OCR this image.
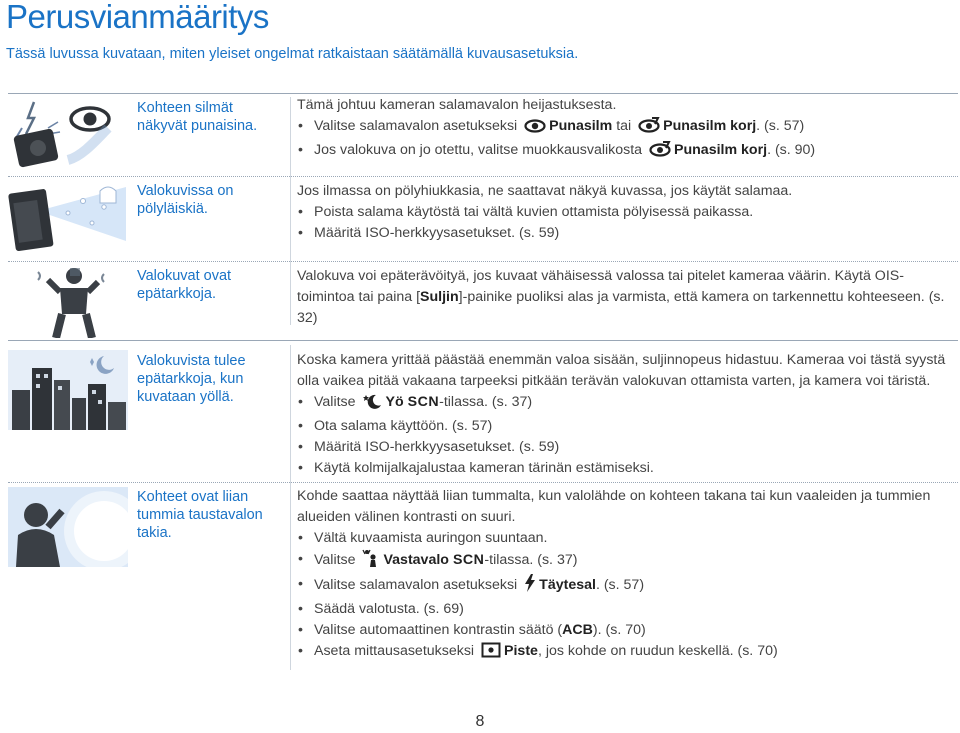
Perusvianmääritys
Tässä luvussa kuvataan, miten yleiset ongelmat ratkaistaan säätämällä kuvausasetuksia.
Kohteen silmät näkyvät punaisina.

Tämä johtuu kameran salamavalon heijastuksesta.

• Valitse salamavalon asetukseksi Punasilm tai Punasilm korj. (s. 57)
• Jos valokuva on jo otettu, valitse muokkausvalikosta Punasilm korj. (s. 90)
Valokuvissa on pölyläiskiä.

Jos ilmassa on pölyhiukkasia, ne saattavat näkyä kuvassa, jos käytät salamaa.

• Poista salama käytöstä tai vältä kuvien ottamista pölyisessä paikassa.
• Määritä ISO-herkkyysasetukset. (s. 59)
Valokuvat ovat epätarkkoja.

Valokuva voi epäterävöityä, jos kuvaat vähäisessä valossa tai pitelet kameraa väärin. Käytä OIS-toimintoa tai paina [Suljin]-painike puoliksi alas ja varmista, että kamera on tarkennettu kohteeseen. (s. 32)

Valokuvista tulee epätarkkoja, kun kuvataan yöllä.

Koska kamera yrittää päästää enemmän valoa sisään, suljinnopeus hidastuu. Kameraa voi tästä syystä olla vaikea pitää vakaana tarpeeksi pitkään terävän valokuvan ottamista varten, ja kamera voi täristä.

• Valitse Yö SCN-tilassa. (s. 37)
• Ota salama käyttöön. (s. 57)
• Määritä ISO-herkkyysasetukset. (s. 59)
• Käytä kolmijalkajalustaa kameran tärinän estämiseksi.
Kohteet ovat liian tummia taustavalon takia.

Kohde saattaa näyttää liian tummalta, kun valolähde on kohteen takana tai kun vaaleiden ja tummien alueiden välinen kontrasti on suuri.

• Vältä kuvaamista auringon suuntaan.
• Valitse Vastavalo SCN-tilassa. (s. 37)
• Valitse salamavalon asetukseksi Täytesal. (s. 57)
• Säädä valotusta. (s. 69)
• Valitse automaattinen kontrastin säätö (ACB). (s. 70)
• Aseta mittausasetukseksi Piste, jos kohde on ruudun keskellä. (s. 70)
8
